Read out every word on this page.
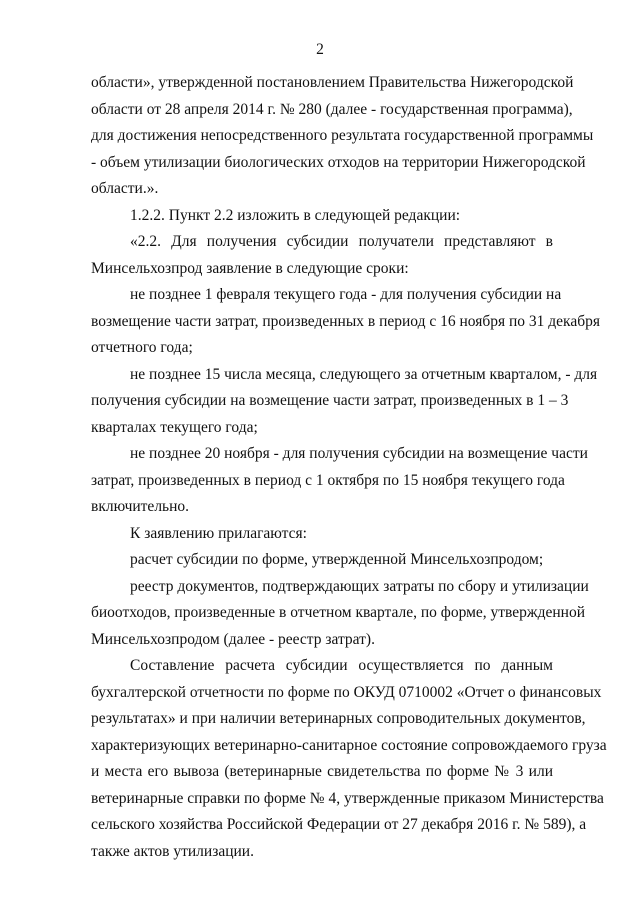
2
области», утвержденной постановлением Правительства Нижегородской
области от 28 апреля 2014 г. № 280 (далее - государственная программа),
для достижения непосредственного результата государственной программы
- объем утилизации биологических отходов на территории Нижегородской
области.».
1.2.2. Пункт 2.2 изложить в следующей редакции:
«2.2. Для получения субсидии получатели представляют в
Минсельхозпрод заявление в следующие сроки:
не позднее 1 февраля текущего года - для получения субсидии на
возмещение части затрат, произведенных в период с 16 ноября по 31 декабря
отчетного года;
не позднее 15 числа месяца, следующего за отчетным кварталом, - для
получения субсидии на возмещение части затрат, произведенных в 1 – 3
кварталах текущего года;
не позднее 20 ноября - для получения субсидии на возмещение части
затрат, произведенных в период с 1 октября по 15 ноября текущего года
включительно.
К заявлению прилагаются:
расчет субсидии по форме, утвержденной Минсельхозпродом;
реестр документов, подтверждающих затраты по сбору и утилизации
биоотходов, произведенные в отчетном квартале, по форме, утвержденной
Минсельхозпродом (далее - реестр затрат).
Составление расчета субсидии осуществляется по данным
бухгалтерской отчетности по форме по ОКУД 0710002 «Отчет о финансовых
результатах» и при наличии ветеринарных сопроводительных документов,
характеризующих ветеринарно-санитарное состояние сопровождаемого груза
и места его вывоза (ветеринарные свидетельства по форме № 3 или
ветеринарные справки по форме № 4, утвержденные приказом Министерства
сельского хозяйства Российской Федерации от 27 декабря 2016 г. № 589), а
также актов утилизации.
